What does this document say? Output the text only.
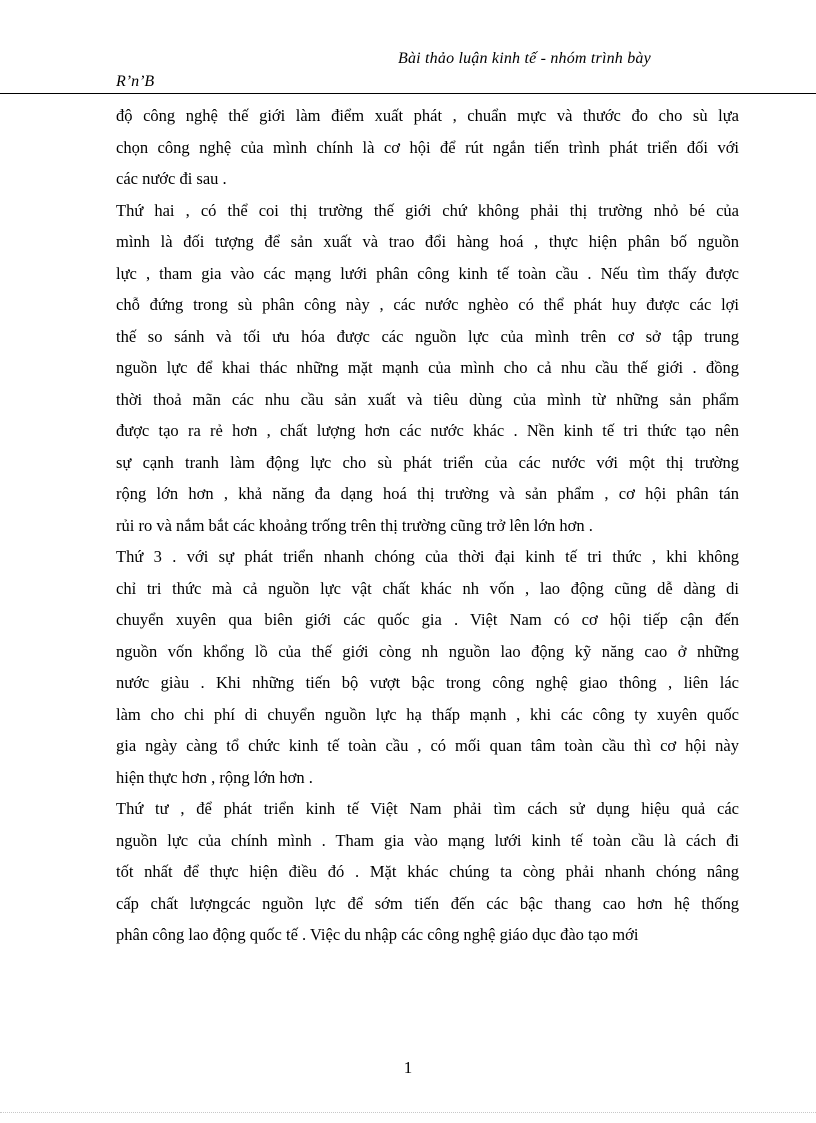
Bài thảo luận kinh tế - nhóm trình bày
R’n’B
độ công nghệ thế giới làm điểm xuất phát , chuẩn mực và thước đo cho sù lựa
chọn công nghệ của mình chính là cơ hội để rút ngắn tiến trình phát triển đối với
các nước đi sau .
Thứ hai , có thể coi thị trường thế giới chứ không phải thị trường nhỏ bé của
mình là đối tượng để sản xuất và trao đổi hàng hoá , thực hiện phân bố nguồn
lực , tham gia vào các mạng lưới phân công kinh tế toàn cầu . Nếu tìm thấy được
chỗ đứng trong sù phân công này , các nước nghèo có thể phát huy được các lợi
thế so sánh và tối ưu hóa được các nguồn lực của mình trên cơ sở tập trung
nguồn lực để khai thác những mặt mạnh của mình cho cả nhu cầu thế giới . đồng
thời thoả mãn các nhu cầu sản xuất và tiêu dùng của mình từ những sản phẩm
được tạo ra rẻ hơn , chất lượng hơn các nước khác . Nền kinh tế tri thức tạo nên
sự cạnh tranh làm động lực cho sù phát triển của các nước với một thị trường
rộng lớn hơn , khả năng đa dạng hoá thị trường và sản phẩm , cơ hội phân tán
rủi ro và nắm bắt các khoảng trống trên thị trường cũng trở lên lớn hơn .
Thứ 3 . với sự phát triển nhanh chóng của thời đại kinh tế tri thức , khi không
chỉ tri thức mà cả nguồn lực vật chất khác nh vốn , lao động cũng dễ dàng di
chuyển xuyên qua biên giới các quốc gia . Việt Nam có cơ hội tiếp cận đến
nguồn vốn khổng lồ của thế giới còng nh nguồn lao động kỹ năng cao ở những
nước giàu . Khi những tiến bộ vượt bậc trong công nghệ giao thông , liên lác
làm cho chi phí di chuyển nguồn lực hạ thấp mạnh , khi các công ty xuyên quốc
gia ngày càng tổ chức kinh tế toàn cầu , có mối quan tâm toàn cầu thì cơ hội này
hiện thực hơn , rộng lớn hơn .
Thứ tư , để phát triển kinh tế Việt Nam phải tìm cách sử dụng hiệu quả các
nguồn lực của chính mình . Tham gia vào mạng lưới kinh tế toàn cầu là cách đi
tốt nhất để thực hiện điều đó . Mặt khác chúng ta còng phải nhanh chóng nâng
cấp chất lượngcác nguồn lực để sớm tiến đến các bậc thang cao hơn hệ thống
phân công lao động quốc tế . Việc du nhập các công nghệ giáo dục đào tạo mới
1
